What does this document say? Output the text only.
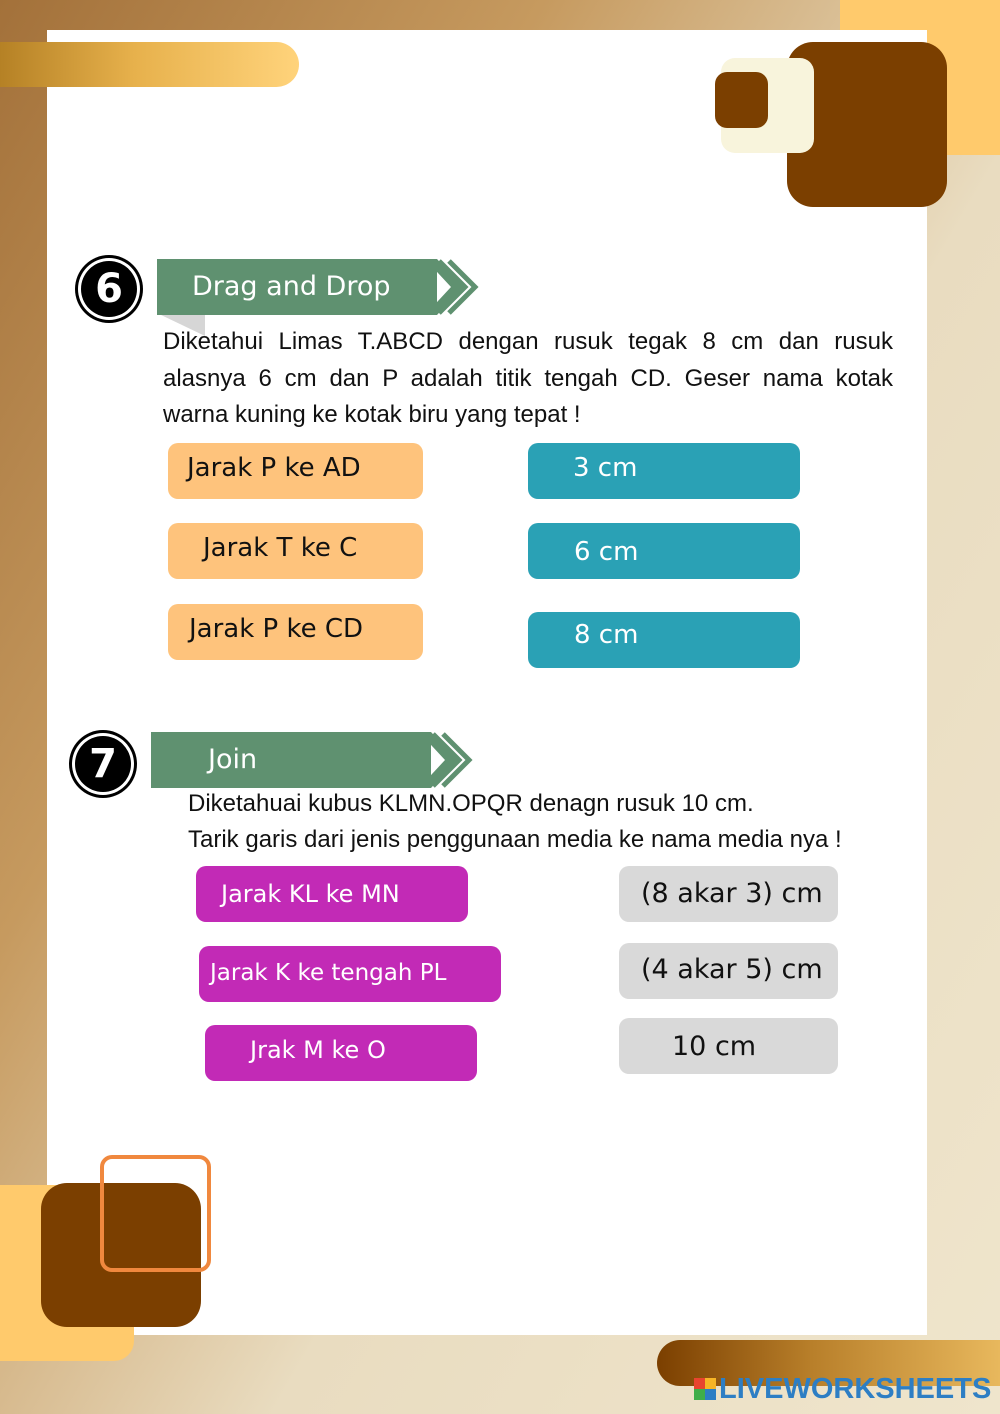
6	Drag and Drop
Diketahui Limas T.ABCD dengan rusuk tegak 8 cm dan rusuk alasnya 6 cm dan P adalah titik tengah CD. Geser nama kotak warna kuning ke kotak biru yang tepat !
Jarak P ke AD
Jarak T ke C
Jarak P ke CD
3 cm
6 cm
8 cm
7	Join
Diketahuai kubus KLMN.OPQR denagn rusuk 10 cm.
Tarik garis dari jenis penggunaan media ke nama media nya !
Jarak KL ke MN
Jarak K ke tengah PL
Jrak M ke O
(8 akar 3) cm
(4 akar 5) cm
10 cm
LIVEWORKSHEETS
